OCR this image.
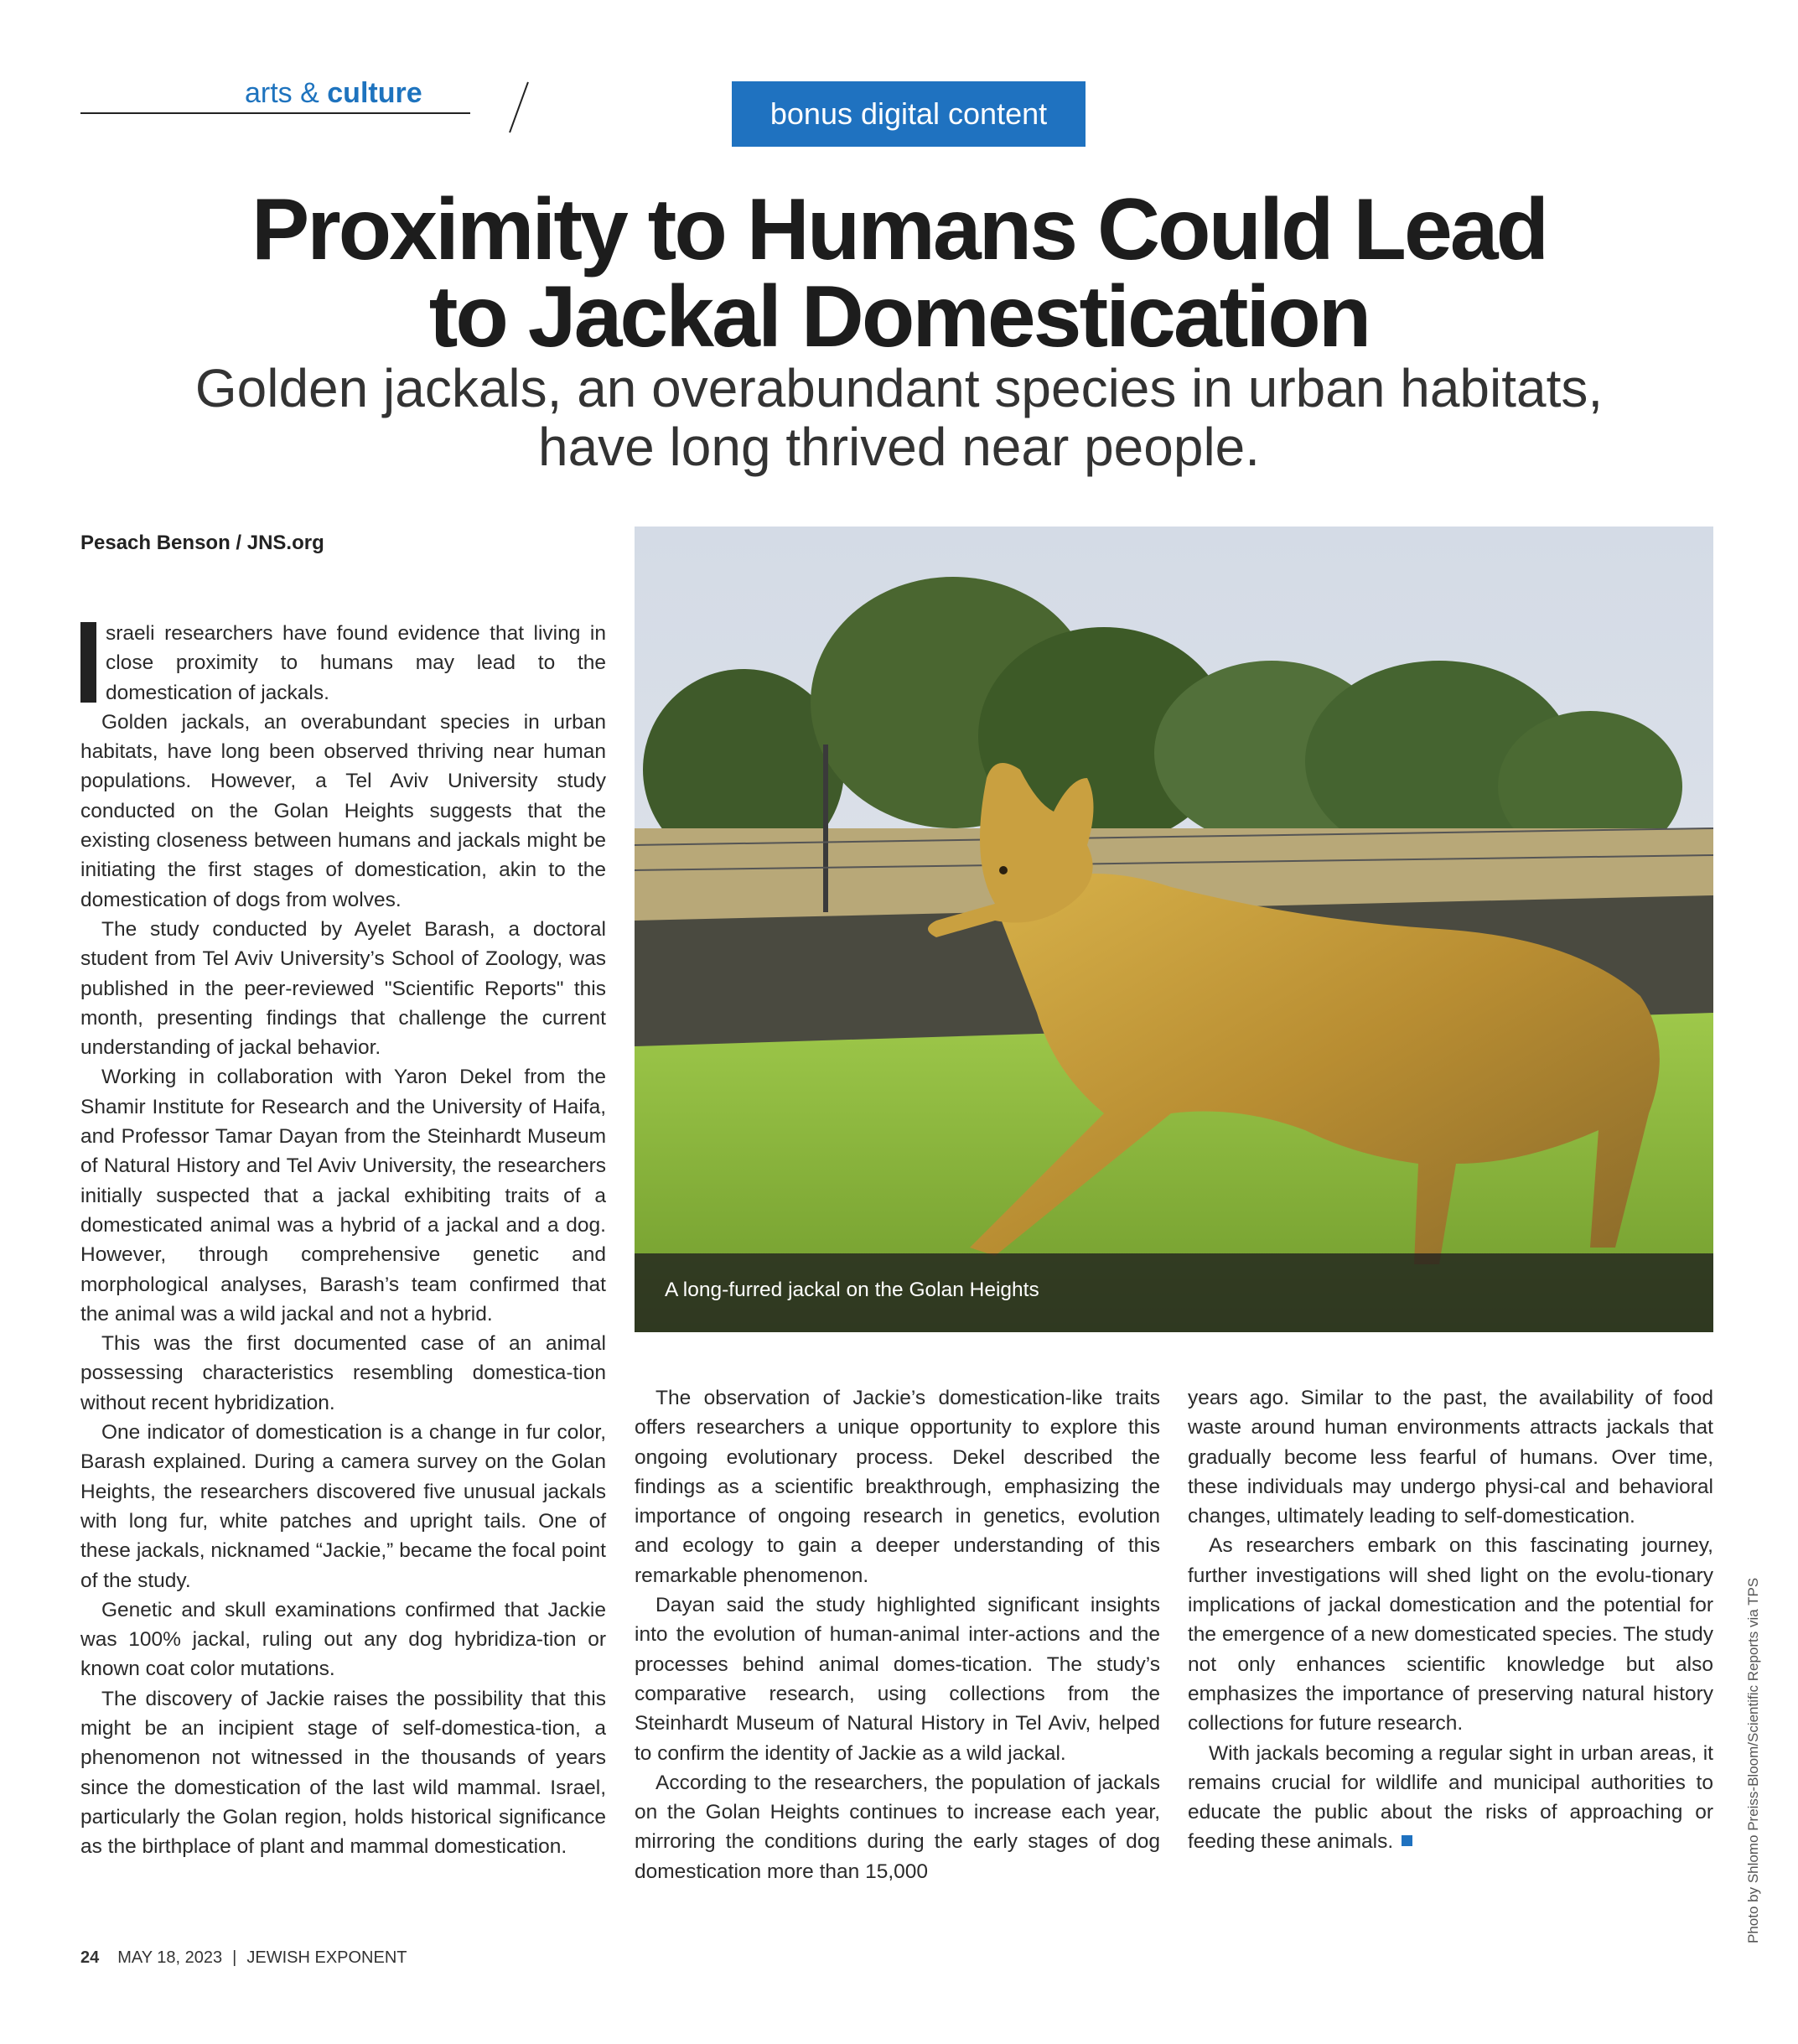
arts & culture
bonus digital content
Proximity to Humans Could Lead
to Jackal Domestication
Golden jackals, an overabundant species in urban habitats,
have long thrived near people.
Pesach Benson / JNS.org

sraeli researchers have found evidence that living in close proximity to humans may lead to the domestication of jackals.

Golden jackals, an overabundant species in urban habitats, have long been observed thriving near human populations. However, a Tel Aviv University study conducted on the Golan Heights suggests that the existing closeness between humans and jackals might be initiating the first stages of domestication, akin to the domestication of dogs from wolves.

The study conducted by Ayelet Barash, a doctoral student from Tel Aviv University’s School of Zoology, was published in the peer-reviewed "Scientific Reports" this month, presenting findings that challenge the current understanding of jackal behavior.

Working in collaboration with Yaron Dekel from the Shamir Institute for Research and the University of Haifa, and Professor Tamar Dayan from the Steinhardt Museum of Natural History and Tel Aviv University, the researchers initially suspected that a jackal exhibiting traits of a domesticated animal was a hybrid of a jackal and a dog. However, through comprehensive genetic and morphological analyses, Barash’s team confirmed that the animal was a wild jackal and not a hybrid.

This was the first documented case of an animal possessing characteristics resembling domestica-tion without recent hybridization.

One indicator of domestication is a change in fur color, Barash explained. During a camera survey on the Golan Heights, the researchers discovered five unusual jackals with long fur, white patches and upright tails. One of these jackals, nicknamed “Jackie,” became the focal point of the study.

Genetic and skull examinations confirmed that Jackie was 100% jackal, ruling out any dog hybridiza-tion or known coat color mutations.

The discovery of Jackie raises the possibility that this might be an incipient stage of self-domestica-tion, a phenomenon not witnessed in the thousands of years since the domestication of the last wild mammal. Israel, particularly the Golan region, holds historical significance as the birthplace of plant and mammal domestication.

A long-furred jackal on the Golan Heights

The observation of Jackie’s domestication-like traits offers researchers a unique opportunity to explore this ongoing evolutionary process. Dekel described the findings as a scientific breakthrough, emphasizing the importance of ongoing research in genetics, evolution and ecology to gain a deeper understanding of this remarkable phenomenon.

Dayan said the study highlighted significant insights into the evolution of human-animal inter-actions and the processes behind animal domes-tication. The study’s comparative research, using collections from the Steinhardt Museum of Natural History in Tel Aviv, helped to confirm the identity of Jackie as a wild jackal.

According to the researchers, the population of jackals on the Golan Heights continues to increase each year, mirroring the conditions during the early stages of dog domestication more than 15,000

years ago. Similar to the past, the availability of food waste around human environments attracts jackals that gradually become less fearful of humans. Over time, these individuals may undergo physi-cal and behavioral changes, ultimately leading to self-domestication.

As researchers embark on this fascinating journey, further investigations will shed light on the evolu-tionary implications of jackal domestication and the potential for the emergence of a new domesticated species. The study not only enhances scientific knowledge but also emphasizes the importance of preserving natural history collections for future research.

With jackals becoming a regular sight in urban areas, it remains crucial for wildlife and municipal authorities to educate the public about the risks of approaching or feeding these animals.	Photo by Shlomo Preiss-Bloom/Scientific Reports via TPS
24 MAY 18, 2023 | JEWISH EXPONENT
